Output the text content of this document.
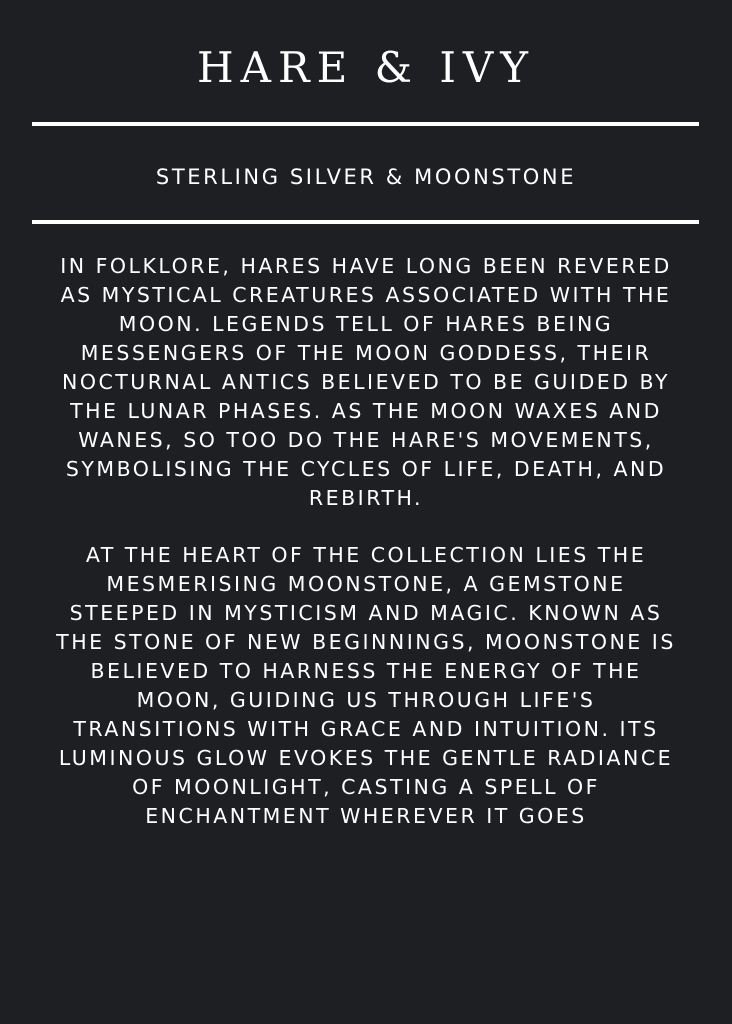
HARE & IVY

STERLING SILVER & MOONSTONE

IN FOLKLORE, HARES HAVE LONG BEEN REVERED
AS MYSTICAL CREATURES ASSOCIATED WITH THE
MOON. LEGENDS TELL OF HARES BEING
MESSENGERS OF THE MOON GODDESS, THEIR
NOCTURNAL ANTICS BELIEVED TO BE GUIDED BY
THE LUNAR PHASES. AS THE MOON WAXES AND
WANES, SO TOO DO THE HARE'S MOVEMENTS,
SYMBOLISING THE CYCLES OF LIFE, DEATH, AND
REBIRTH.
AT THE HEART OF THE COLLECTION LIES THE
MESMERISING MOONSTONE, A GEMSTONE
STEEPED IN MYSTICISM AND MAGIC. KNOWN AS
THE STONE OF NEW BEGINNINGS, MOONSTONE IS
BELIEVED TO HARNESS THE ENERGY OF THE
MOON, GUIDING US THROUGH LIFE'S
TRANSITIONS WITH GRACE AND INTUITION. ITS
LUMINOUS GLOW EVOKES THE GENTLE RADIANCE
OF MOONLIGHT, CASTING A SPELL OF
ENCHANTMENT WHEREVER IT GOES
